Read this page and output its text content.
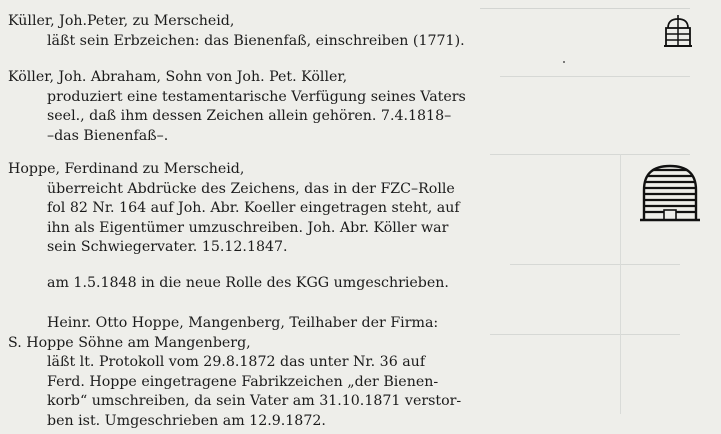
Küller, Joh.Peter, zu Merscheid,
läßt sein Erbzeichen: das Bienenfaß, einschreiben (1771).
Köller, Joh. Abraham, Sohn von Joh. Pet. Köller,
produziert eine testamentarische Verfügung seines Vaters
seel., daß ihm dessen Zeichen allein gehören. 7.4.1818–
–das Bienenfaß–.
Hoppe, Ferdinand zu Merscheid,
überreicht Abdrücke des Zeichens, das in der FZC–Rolle
fol 82 Nr. 164 auf Joh. Abr. Koeller eingetragen steht, auf
ihn als Eigentümer umzuschreiben. Joh. Abr. Köller war
sein Schwiegervater. 15.12.1847.
am 1.5.1848 in die neue Rolle des KGG umgeschrieben.
Heinr. Otto Hoppe, Mangenberg, Teilhaber der Firma:
S. Hoppe Söhne am Mangenberg,
läßt lt. Protokoll vom 29.8.1872 das unter Nr. 36 auf
Ferd. Hoppe eingetragene Fabrikzeichen „der Bienen-
korb“ umschreiben, da sein Vater am 31.10.1871 verstor-
ben ist. Umgeschrieben am 12.9.1872.
